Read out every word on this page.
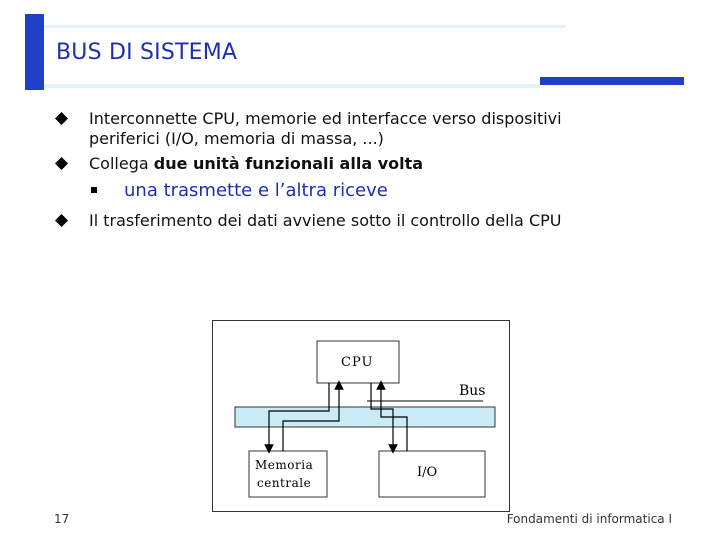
BUS DI SISTEMA
Interconnette CPU, memorie ed interfacce verso dispositivi
periferici (I/O, memoria di massa, ...)
Collega due unità funzionali alla volta
una trasmette e l’altra riceve
Il trasferimento dei dati avviene sotto il controllo della CPU
Bus
CPU
Memoria
centrale
I/O
17	Fondamenti di informatica I
